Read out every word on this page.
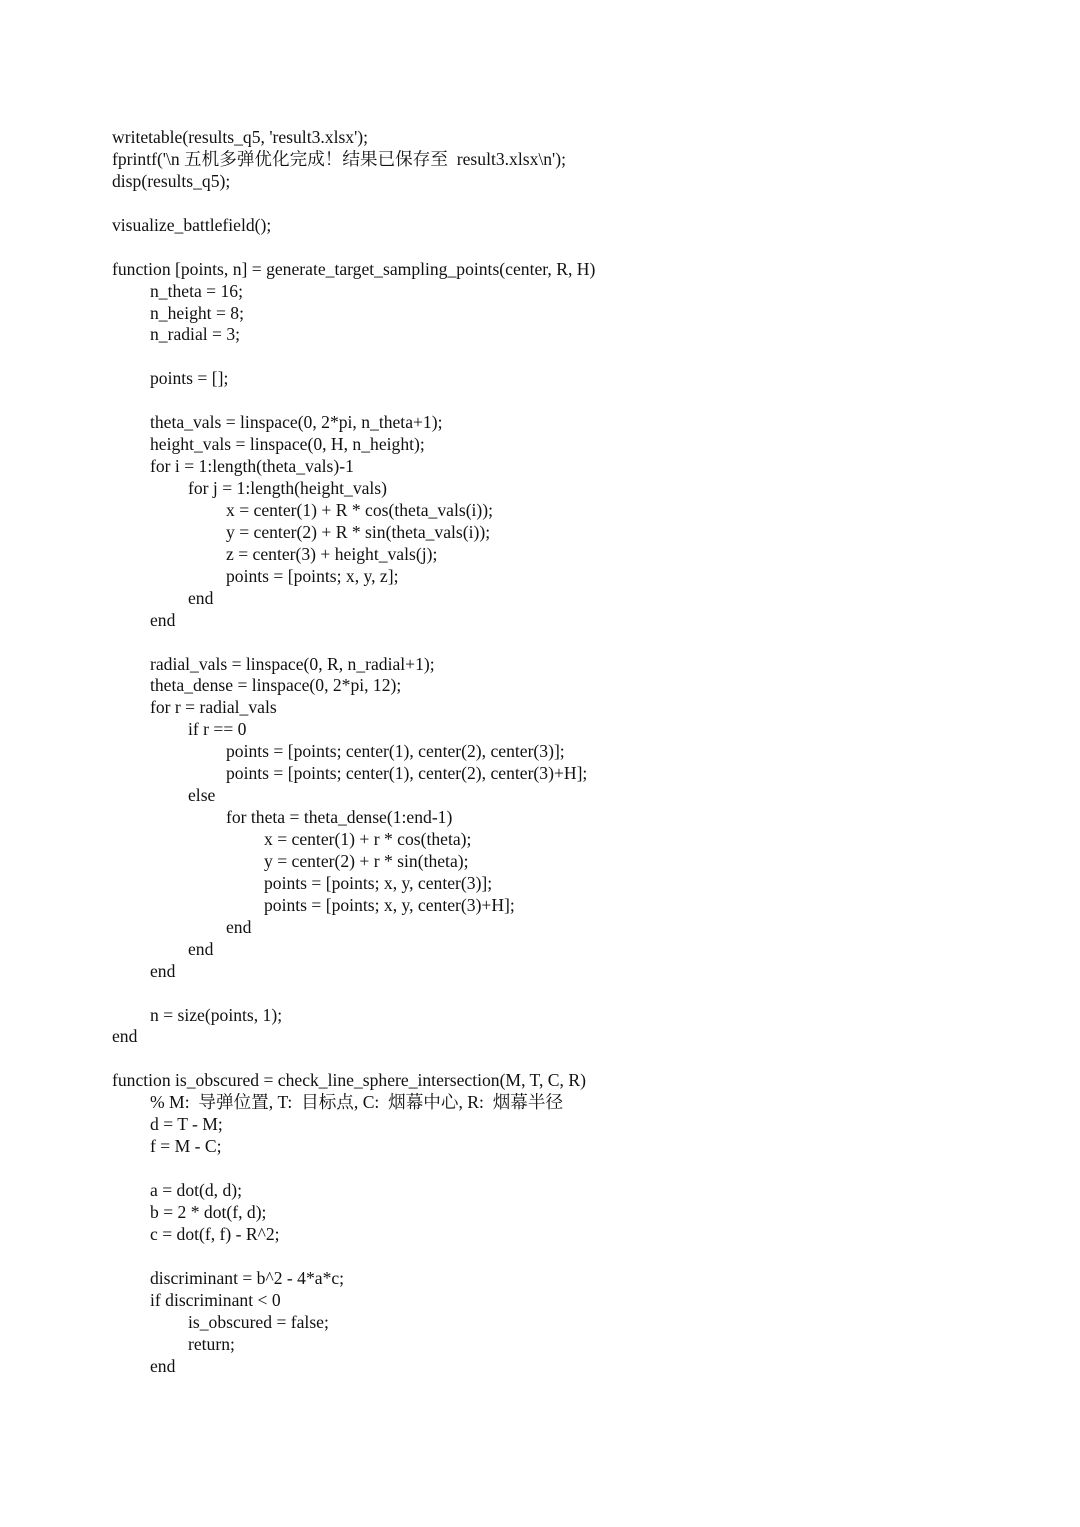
writetable(results_q5, 'result3.xlsx');
fprintf('\n 五机多弹优化完成！结果已保存至  result3.xlsx\n');
disp(results_q5);
visualize_battlefield();
function [points, n] = generate_target_sampling_points(center, R, H)
n_theta = 16;
n_height = 8;
n_radial = 3;
points = [];
theta_vals = linspace(0, 2*pi, n_theta+1);
height_vals = linspace(0, H, n_height);
for i = 1:length(theta_vals)-1
for j = 1:length(height_vals)
x = center(1) + R * cos(theta_vals(i));
y = center(2) + R * sin(theta_vals(i));
z = center(3) + height_vals(j);
points = [points; x, y, z];
end
end
radial_vals = linspace(0, R, n_radial+1);
theta_dense = linspace(0, 2*pi, 12);
for r = radial_vals
if r == 0
points = [points; center(1), center(2), center(3)];
points = [points; center(1), center(2), center(3)+H];
else
for theta = theta_dense(1:end-1)
x = center(1) + r * cos(theta);
y = center(2) + r * sin(theta);
points = [points; x, y, center(3)];
points = [points; x, y, center(3)+H];
end
end
end
n = size(points, 1);
end
function is_obscured = check_line_sphere_intersection(M, T, C, R)
% M:  导弹位置, T:  目标点, C:  烟幕中心, R:  烟幕半径
d = T - M;
f = M - C;
a = dot(d, d);
b = 2 * dot(f, d);
c = dot(f, f) - R^2;
discriminant = b^2 - 4*a*c;
if discriminant < 0
is_obscured = false;
return;
end
